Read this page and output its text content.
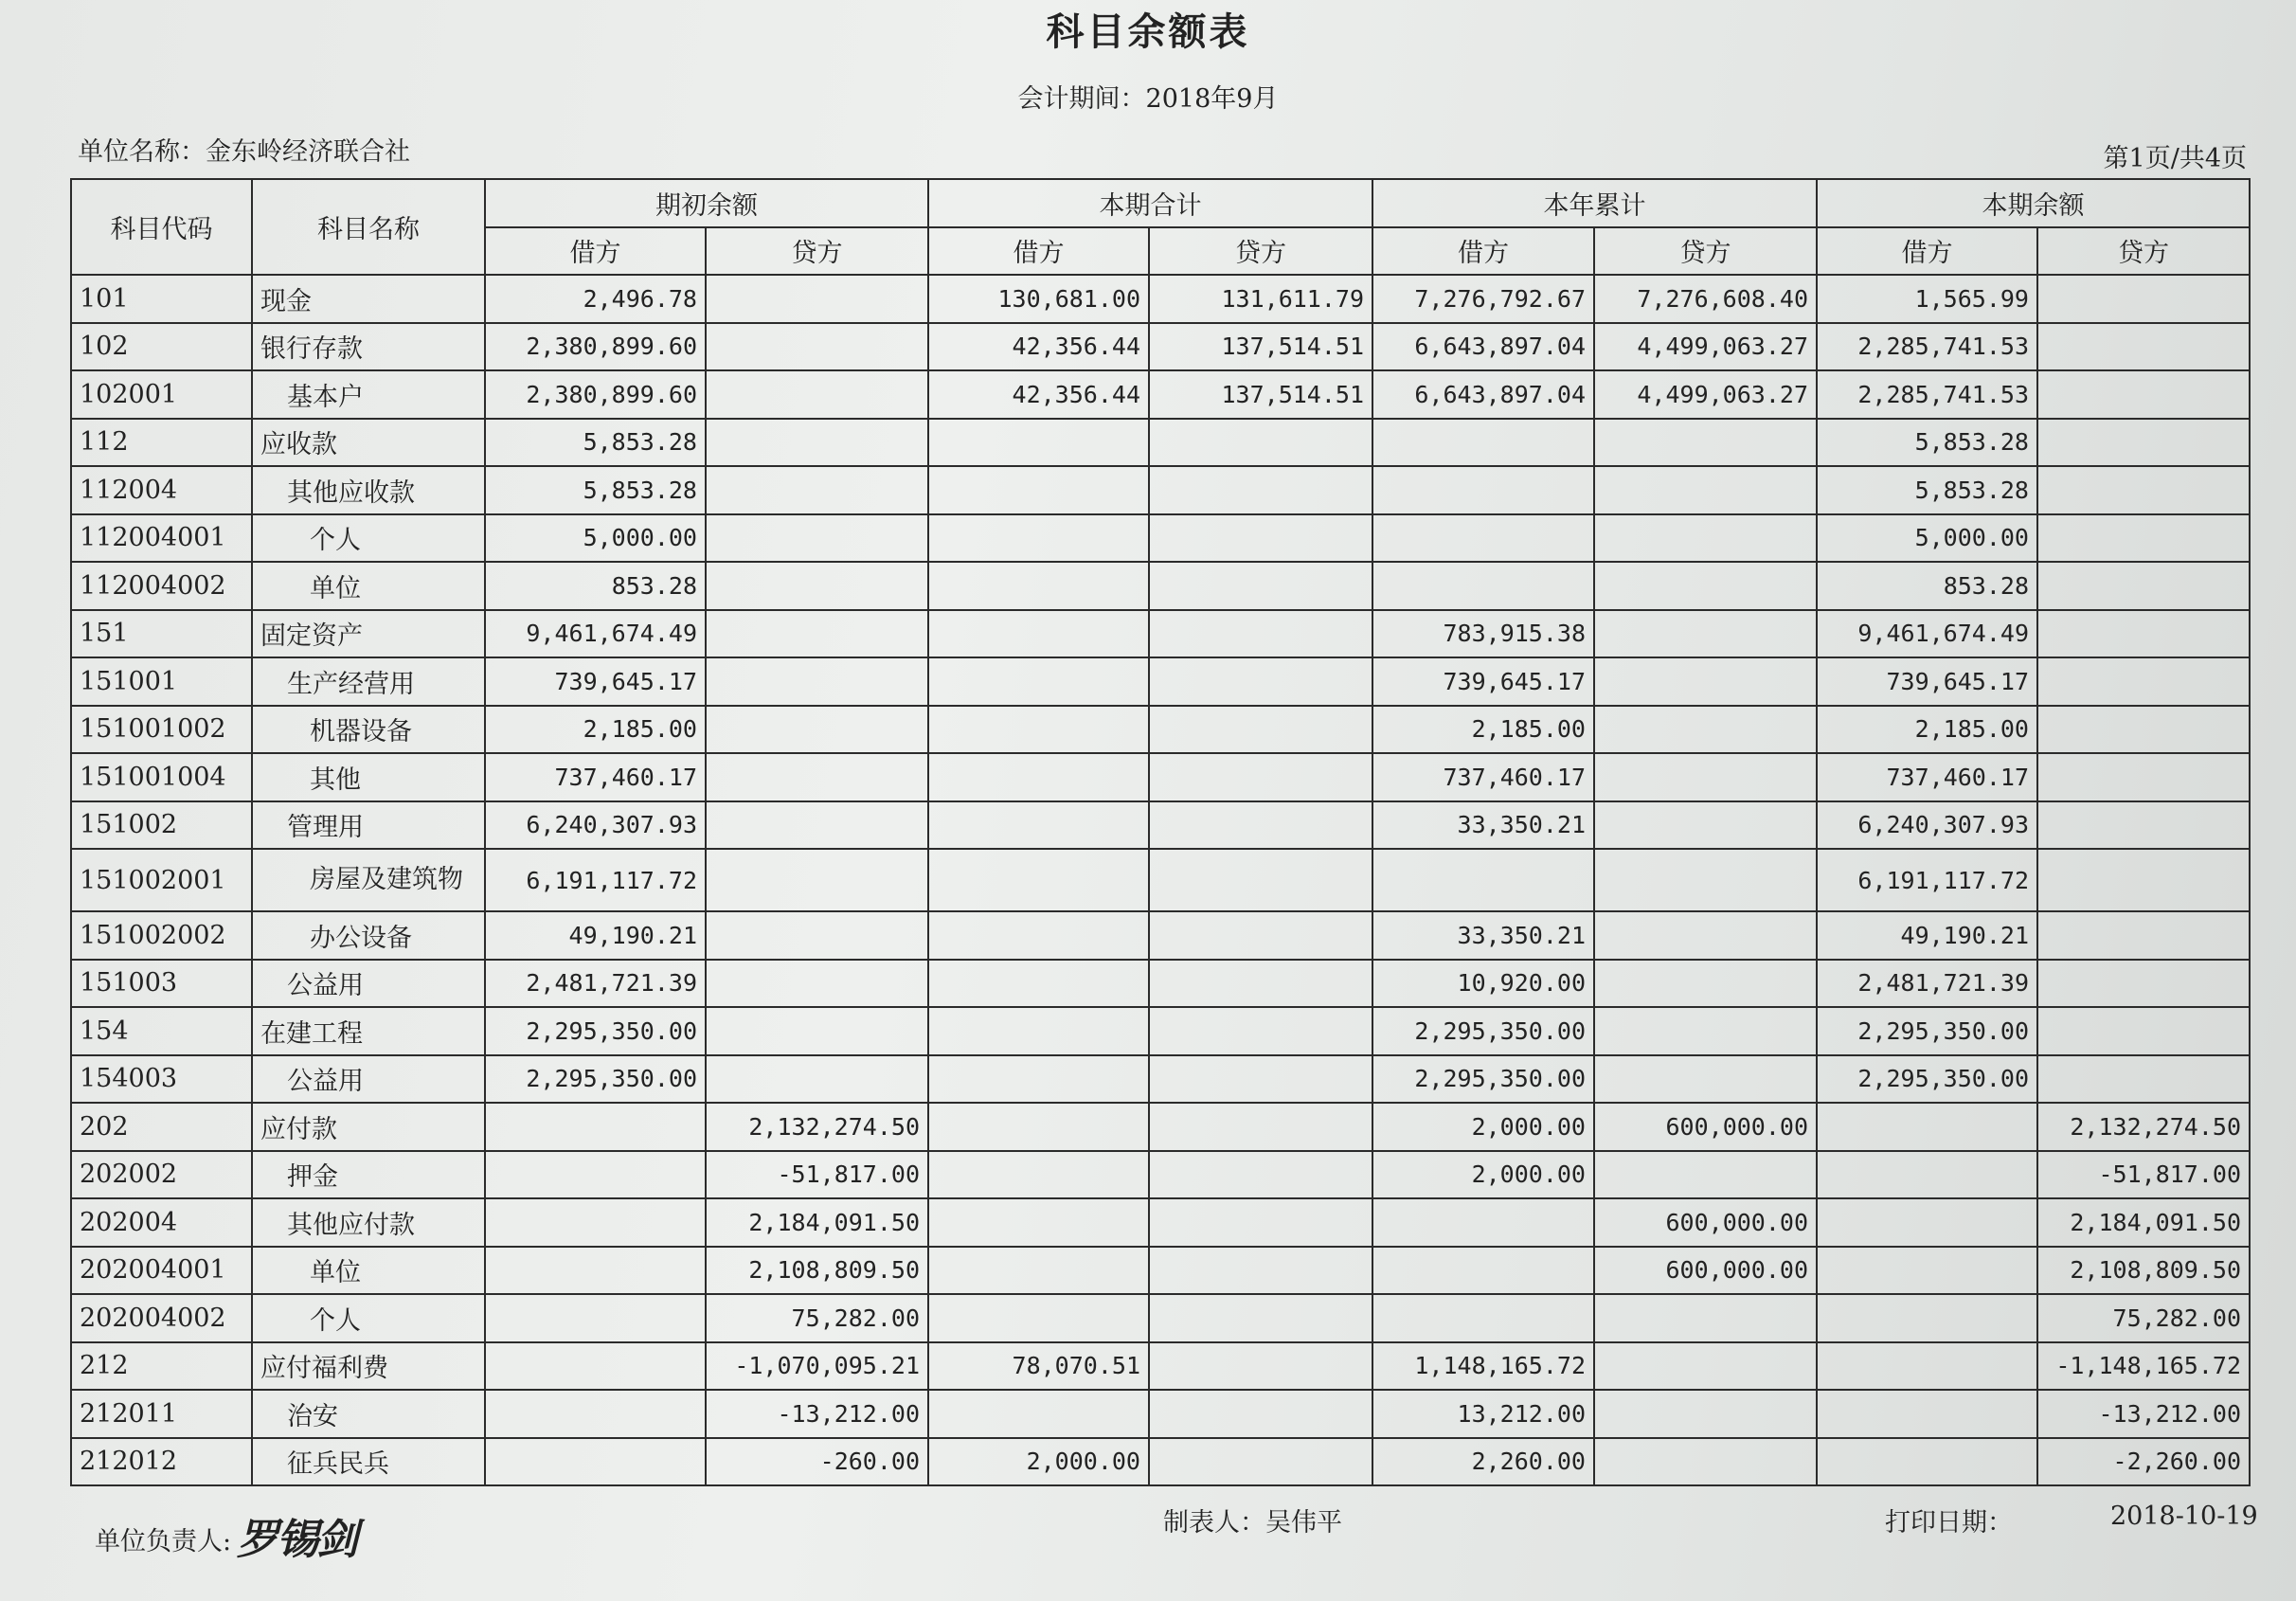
科目余额表
会计期间：2018年9月
单位名称：金东岭经济联合社	第1页/共4页
科目代码	科目名称	期初余额		本期合计		本年累计		本期余额	
		借方	贷方	借方	贷方	借方	贷方	借方	贷方
101	现金	2,496.78		130,681.00	131,611.79	7,276,792.67	7,276,608.40	1,565.99	
102	银行存款	2,380,899.60		42,356.44	137,514.51	6,643,897.04	4,499,063.27	2,285,741.53	
102001	基本户	2,380,899.60		42,356.44	137,514.51	6,643,897.04	4,499,063.27	2,285,741.53	
112	应收款	5,853.28						5,853.28	
112004	其他应收款	5,853.28						5,853.28	
112004001	个人	5,000.00						5,000.00	
112004002	单位	853.28						853.28	
151	固定资产	9,461,674.49				783,915.38		9,461,674.49	
151001	生产经营用	739,645.17				739,645.17		739,645.17	
151001002	机器设备	2,185.00				2,185.00		2,185.00	
151001004	其他	737,460.17				737,460.17		737,460.17	
151002	管理用	6,240,307.93				33,350.21		6,240,307.93	
151002001	房屋及建筑物	6,191,117.72						6,191,117.72	
151002002	办公设备	49,190.21				33,350.21		49,190.21	
151003	公益用	2,481,721.39				10,920.00		2,481,721.39	
154	在建工程	2,295,350.00				2,295,350.00		2,295,350.00	
154003	公益用	2,295,350.00				2,295,350.00		2,295,350.00	
202	应付款		2,132,274.50			2,000.00	600,000.00		2,132,274.50
202002	押金		-51,817.00			2,000.00			-51,817.00
202004	其他应付款		2,184,091.50				600,000.00		2,184,091.50
202004001	单位		2,108,809.50				600,000.00		2,108,809.50
202004002	个人		75,282.00						75,282.00
212	应付福利费		-1,070,095.21	78,070.51		1,148,165.72			-1,148,165.72
212011	治安		-13,212.00			13,212.00			-13,212.00
212012	征兵民兵		-260.00	2,000.00		2,260.00			-2,260.00
单位负责人: 罗锡剑	制表人：吴伟平	打印日期：	2018-10-19
